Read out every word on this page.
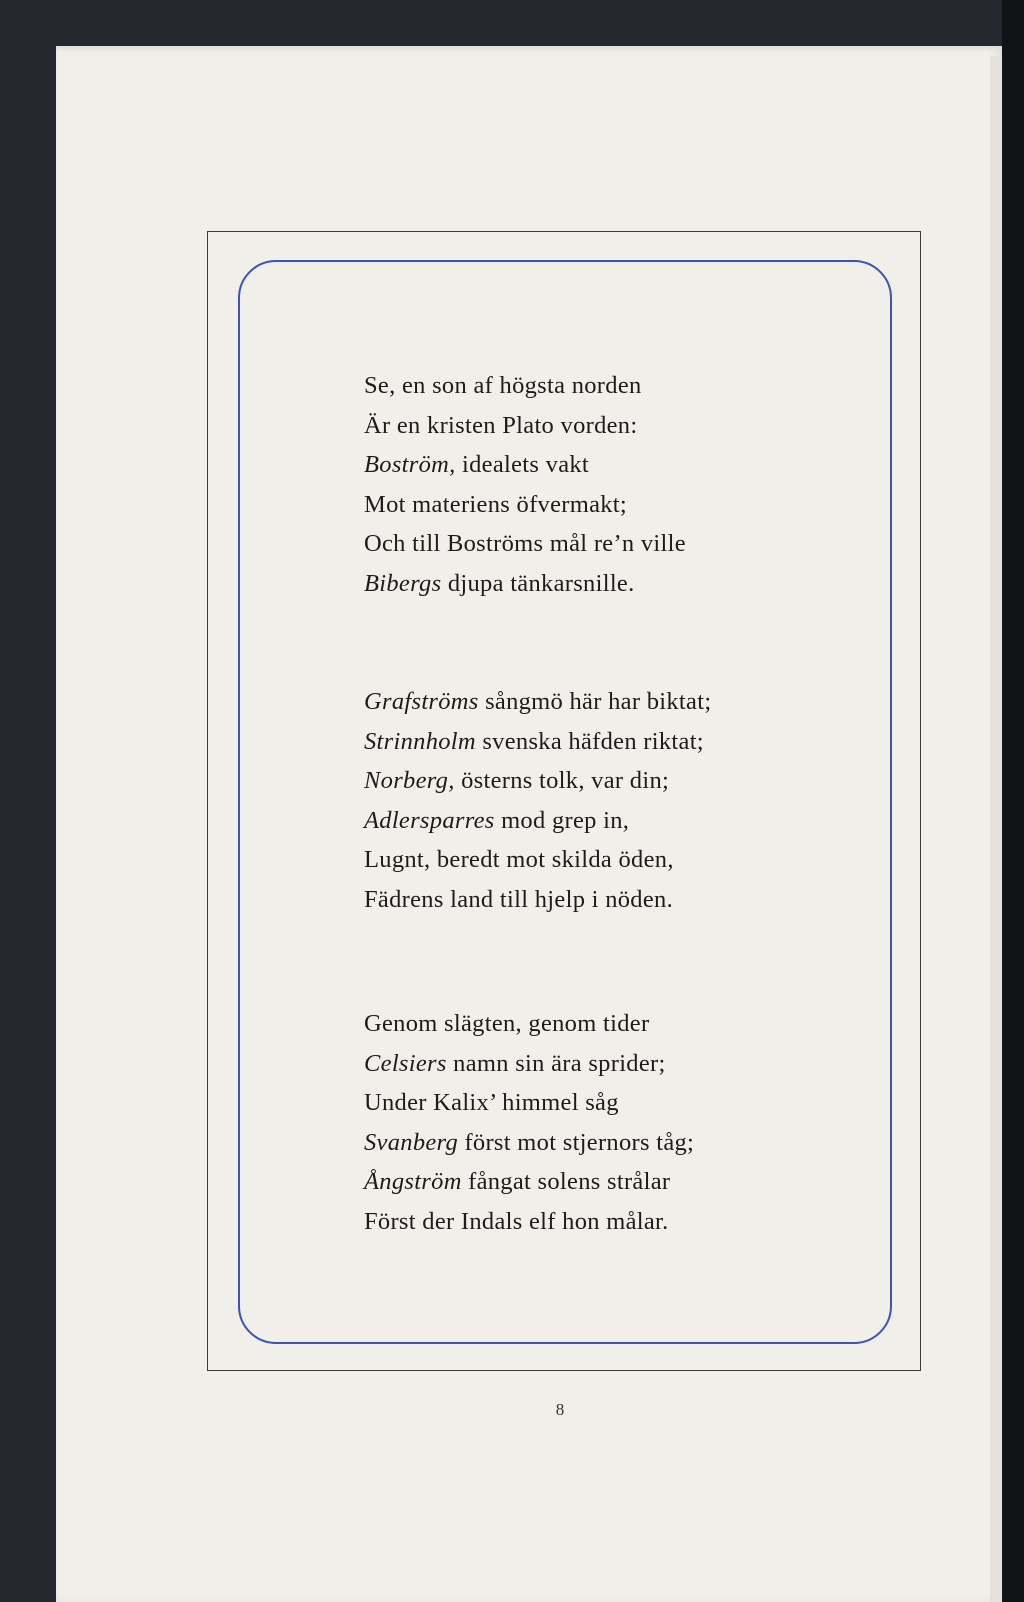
Se, en son af högsta norden
Är en kristen Plato vorden:
Boström, idealets vakt
Mot materiens öfvermakt;
Och till Boströms mål re’n ville
Bibergs djupa tänkarsnille.
Grafströms sångmö här har biktat;
Strinnholm svenska häfden riktat;
Norberg, österns tolk, var din;
Adlersparres mod grep in,
Lugnt, beredt mot skilda öden,
Fädrens land till hjelp i nöden.
Genom slägten, genom tider
Celsiers namn sin ära sprider;
Under Kalix’ himmel såg
Svanberg först mot stjernors tåg;
Ångström fångat solens strålar
Först der Indals elf hon målar.
8
